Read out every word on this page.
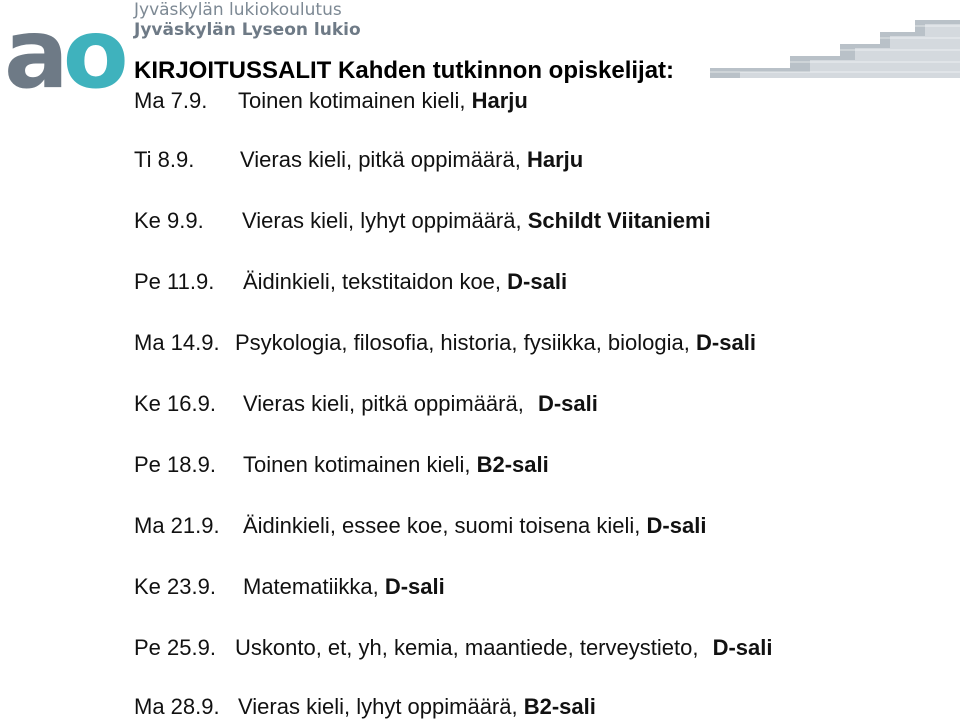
ao Jyväskylän lukiokoulutus
Jyväskylän Lyseon lukio
KIRJOITUSSALIT Kahden tutkinnon opiskelijat:
Ma 7.9. Toinen kotimainen kieli, Harju
Ti 8.9. Vieras kieli, pitkä oppimäärä, Harju
Ke 9.9. Vieras kieli, lyhyt oppimäärä, Schildt Viitaniemi
Pe 11.9. Äidinkieli, tekstitaidon koe, D-sali
Ma 14.9. Psykologia, filosofia, historia, fysiikka, biologia, D-sali
Ke 16.9. Vieras kieli, pitkä oppimäärä, D-sali
Pe 18.9. Toinen kotimainen kieli, B2-sali
Ma 21.9. Äidinkieli, essee koe, suomi toisena kieli, D-sali
Ke 23.9. Matematiikka, D-sali
Pe 25.9. Uskonto, et, yh, kemia, maantiede, terveystieto, D-sali
Ma 28.9. Vieras kieli, lyhyt oppimäärä, B2-sali
